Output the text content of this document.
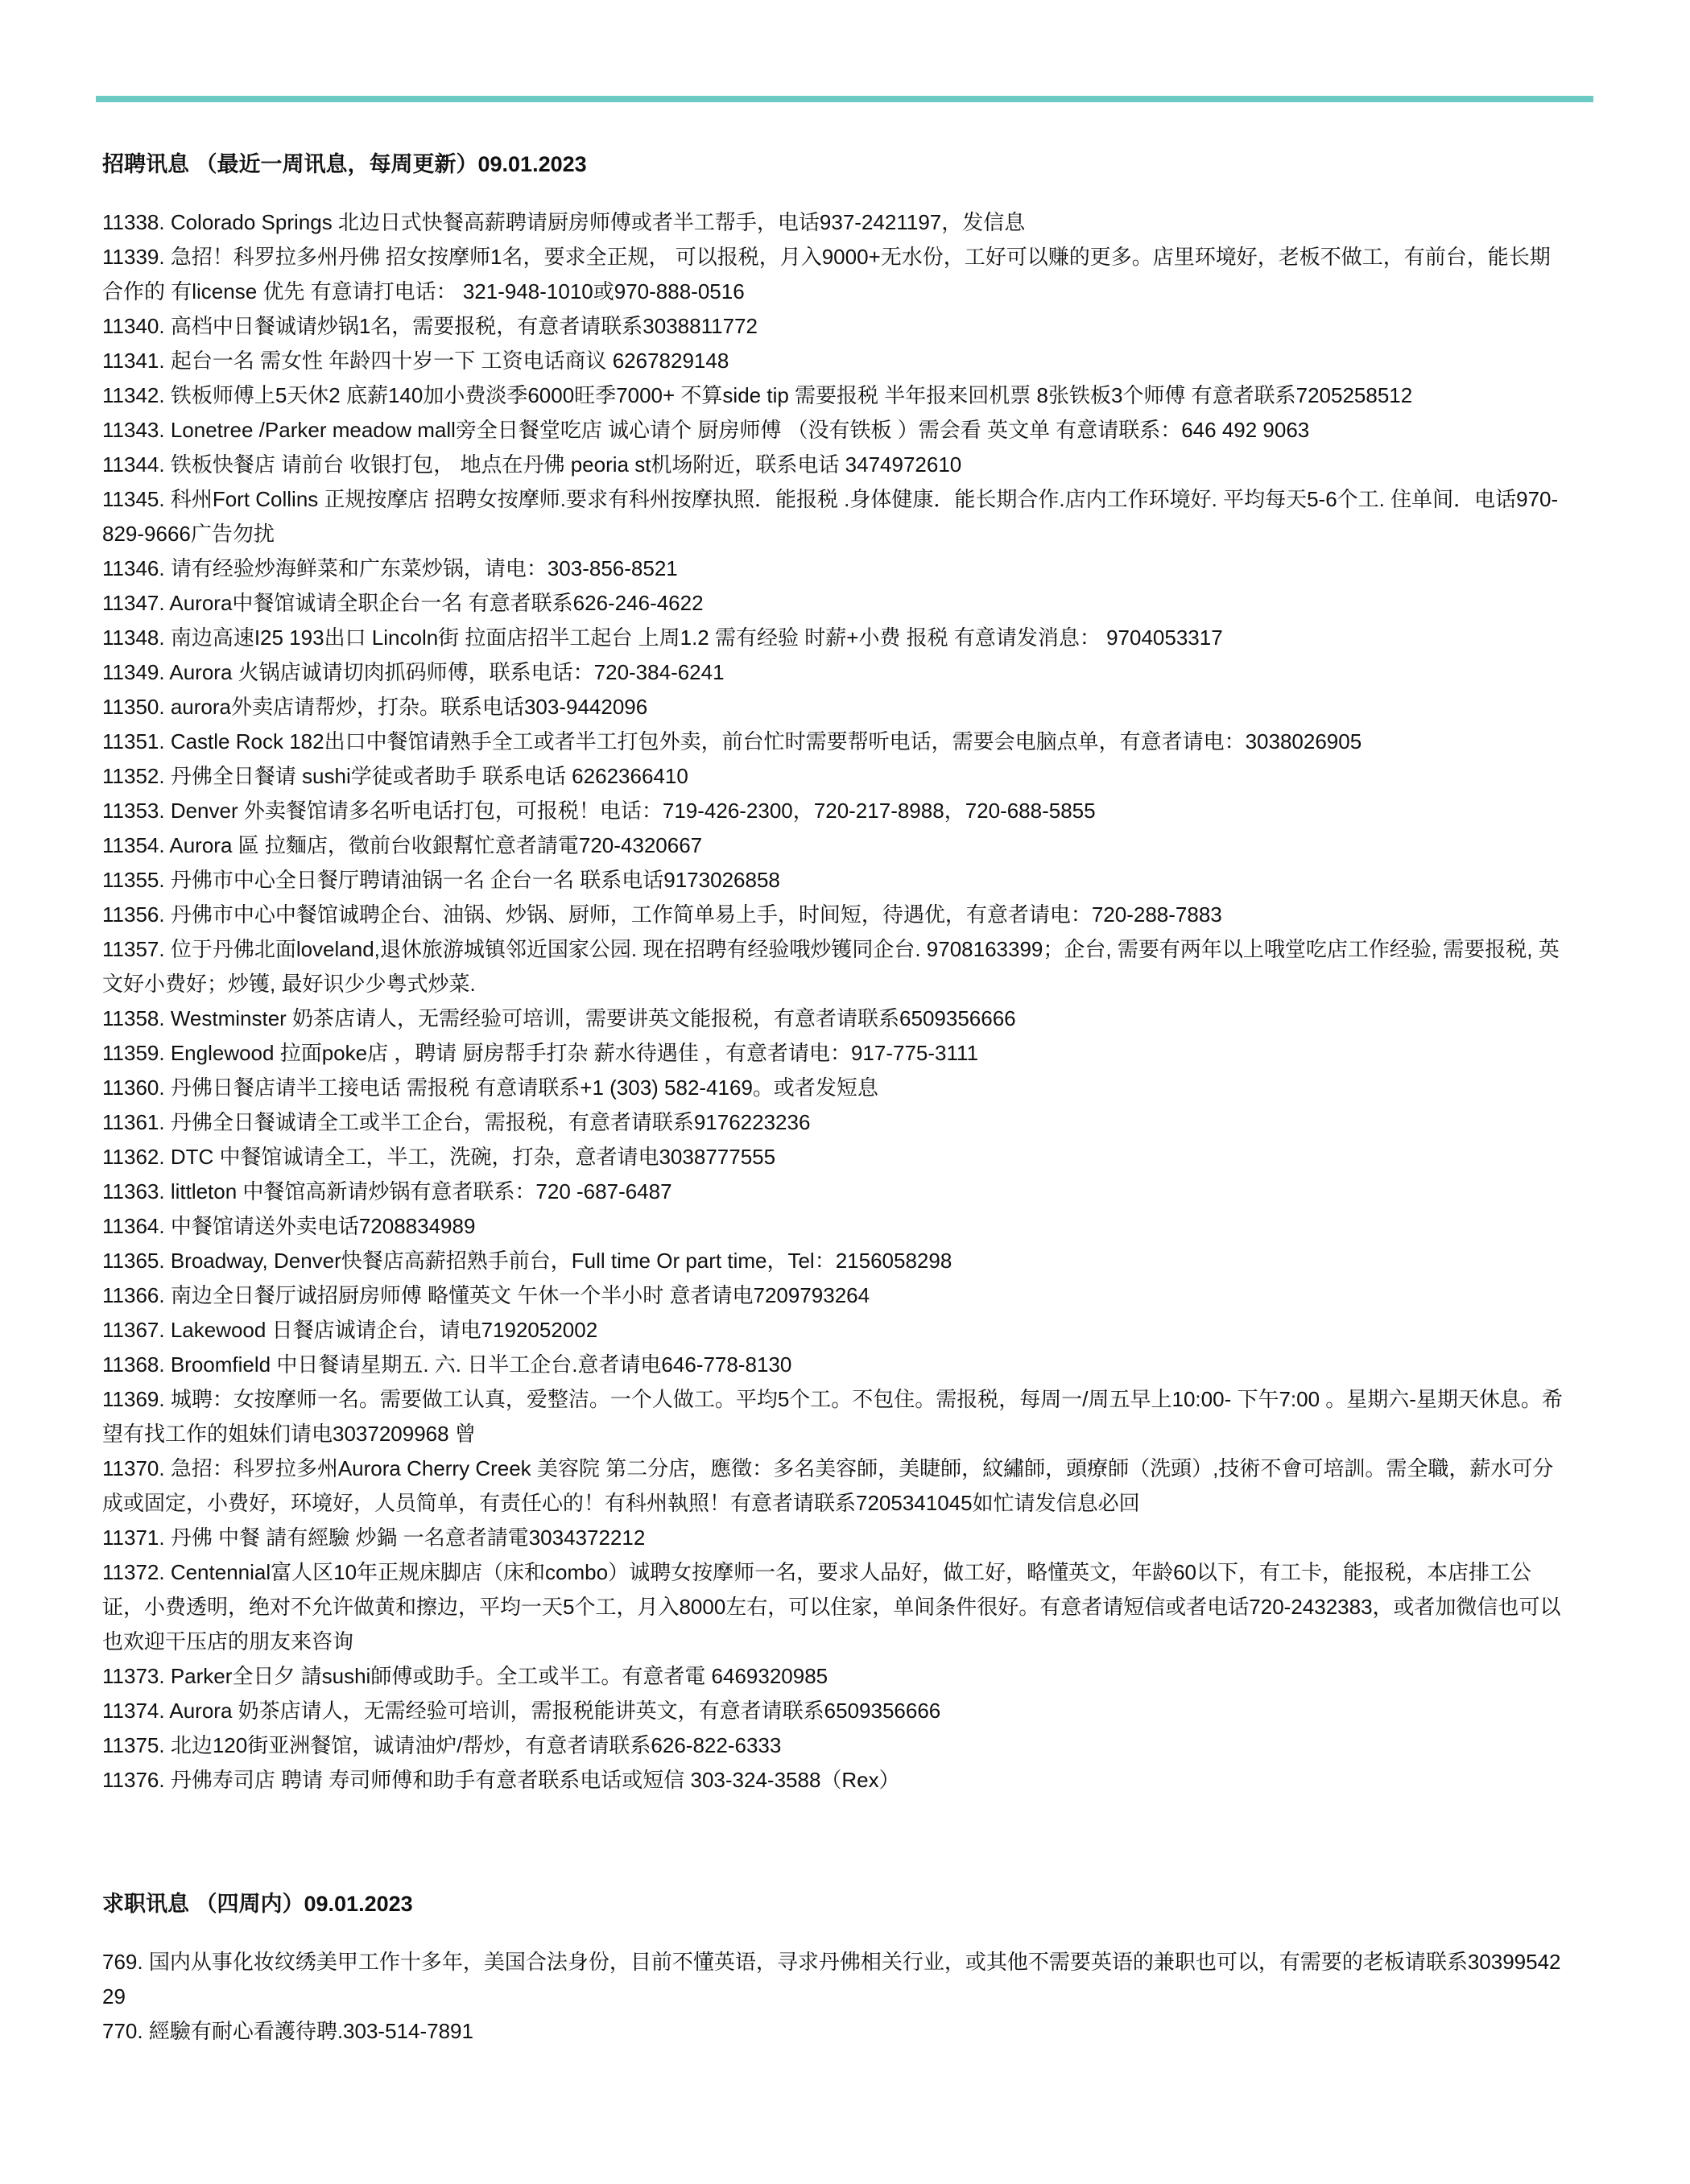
招聘讯息 （最近一周讯息，每周更新）09.01.2023

11338. Colorado Springs 北边日式快餐高薪聘请厨房师傅或者半工帮手，电话937-2421197，发信息

11339. 急招！科罗拉多州丹佛 招女按摩师1名，要求全正规， 可以报税，月入9000+无水份，工好可以赚的更多。店里环境好，老板不做工，有前台，能长期合作的 有license 优先 有意请打电话： 321-948-1010或970-888-0516

11340. 高档中日餐诚请炒锅1名，需要报税，有意者请联系3038811772

11341. 起台一名 需女性 年龄四十岁一下 工资电话商议 6267829148

11342. 铁板师傅上5天休2 底薪140加小费淡季6000旺季7000+ 不算side tip 需要报税 半年报来回机票 8张铁板3个师傅 有意者联系7205258512

11343. Lonetree /Parker meadow mall旁全日餐堂吃店 诚心请个 厨房师傅 （没有铁板 ）需会看 英文单 有意请联系：646 492 9063

11344. 铁板快餐店 请前台 收银打包， 地点在丹佛 peoria st机场附近，联系电话 3474972610

11345. 科州Fort Collins 正规按摩店 招聘女按摩师.要求有科州按摩执照．能报税 .身体健康．能长期合作.店内工作环境好. 平均每天5-6个工. 住单间．电话970-829-9666广告勿扰

11346. 请有经验炒海鲜菜和广东菜炒锅，请电：303-856-8521

11347. Aurora中餐馆诚请全职企台一名 有意者联系626-246-4622

11348. 南边高速I25 193出口 Lincoln街 拉面店招半工起台 上周1.2 需有经验 时薪+小费 报税 有意请发消息： 9704053317

11349. Aurora 火锅店诚请切肉抓码师傅，联系电话：720-384-6241

11350. aurora外卖店请帮炒，打杂。联系电话303-9442096

11351. Castle Rock 182出口中餐馆请熟手全工或者半工打包外卖，前台忙时需要帮听电话，需要会电脑点单，有意者请电：3038026905

11352. 丹佛全日餐请 sushi学徒或者助手 联系电话 6262366410

11353. Denver 外卖餐馆请多名听电话打包，可报税！电话：719-426-2300，720-217-8988，720-688-5855

11354. Aurora 區 拉麵店，徵前台收銀幫忙意者請電720-4320667

11355. 丹佛市中心全日餐厅聘请油锅一名 企台一名 联系电话9173026858

11356. 丹佛市中心中餐馆诚聘企台、油锅、炒锅、厨师，工作简单易上手，时间短，待遇优，有意者请电：720-288-7883

11357. 位于丹佛北面loveland,退休旅游城镇邻近国家公园. 现在招聘有经验哦炒镬同企台. 9708163399；企台, 需要有两年以上哦堂吃店工作经验, 需要报税, 英文好小费好；炒镬, 最好识少少粤式炒菜.

11358. Westminster 奶茶店请人，无需经验可培训，需要讲英文能报税，有意者请联系6509356666

11359. Englewood 拉面poke店 ，聘请 厨房帮手打杂 薪水待遇佳 ，有意者请电：917-775-3111

11360. 丹佛日餐店请半工接电话 需报税 有意请联系+1 (303) 582-4169。或者发短息

11361. 丹佛全日餐诚请全工或半工企台，需报税，有意者请联系9176223236

11362. DTC 中餐馆诚请全工，半工，洗碗，打杂，意者请电3038777555

11363. littleton 中餐馆高新请炒锅有意者联系：720 -687-6487

11364. 中餐馆请送外卖电话7208834989

11365. Broadway, Denver快餐店高薪招熟手前台，Full time Or part time，Tel：2156058298

11366. 南边全日餐厅诚招厨房师傅 略懂英文 午休一个半小时 意者请电7209793264

11367. Lakewood 日餐店诚请企台，请电7192052002

11368. Broomfield 中日餐请星期五. 六. 日半工企台.意者请电646-778-8130

11369. 城聘：女按摩师一名。需要做工认真，爱整洁。一个人做工。平均5个工。不包住。需报税，每周一/周五早上10:00- 下午7:00 。星期六-星期天休息。希望有找工作的姐妹们请电3037209968 曾

11370. 急招：科罗拉多州Aurora Cherry Creek 美容院 第二分店，應徵：多名美容師，美睫師，紋繡師，頭療師（洗頭）,技術不會可培訓。需全職，薪水可分成或固定，小费好，环境好，人员简单，有责任心的！有科州執照！有意者请联系7205341045如忙请发信息必回

11371. 丹佛 中餐 請有經驗 炒鍋 一名意者請電3034372212

11372. Centennial富人区10年正规床脚店（床和combo）诚聘女按摩师一名，要求人品好，做工好，略懂英文，年龄60以下，有工卡，能报税，本店排工公证，小费透明，绝对不允许做黄和擦边，平均一天5个工，月入8000左右，可以住家，单间条件很好。有意者请短信或者电话720-2432383，或者加微信也可以也欢迎干压店的朋友来咨询

11373. Parker全日夕 請sushi師傅或助手。全工或半工。有意者電 6469320985

11374. Aurora 奶茶店请人，无需经验可培训，需报税能讲英文，有意者请联系6509356666

11375. 北边120街亚洲餐馆，诚请油炉/帮炒，有意者请联系626-822-6333

11376. 丹佛寿司店 聘请 寿司师傅和助手有意者联系电话或短信 303-324-3588（Rex）

求职讯息 （四周内）09.01.2023

769. 国内从事化妆纹绣美甲工作十多年，美国合法身份，目前不懂英语，寻求丹佛相关行业，或其他不需要英语的兼职也可以，有需要的老板请联系3039954229

770. 經驗有耐心看護待聘.303-514-7891
